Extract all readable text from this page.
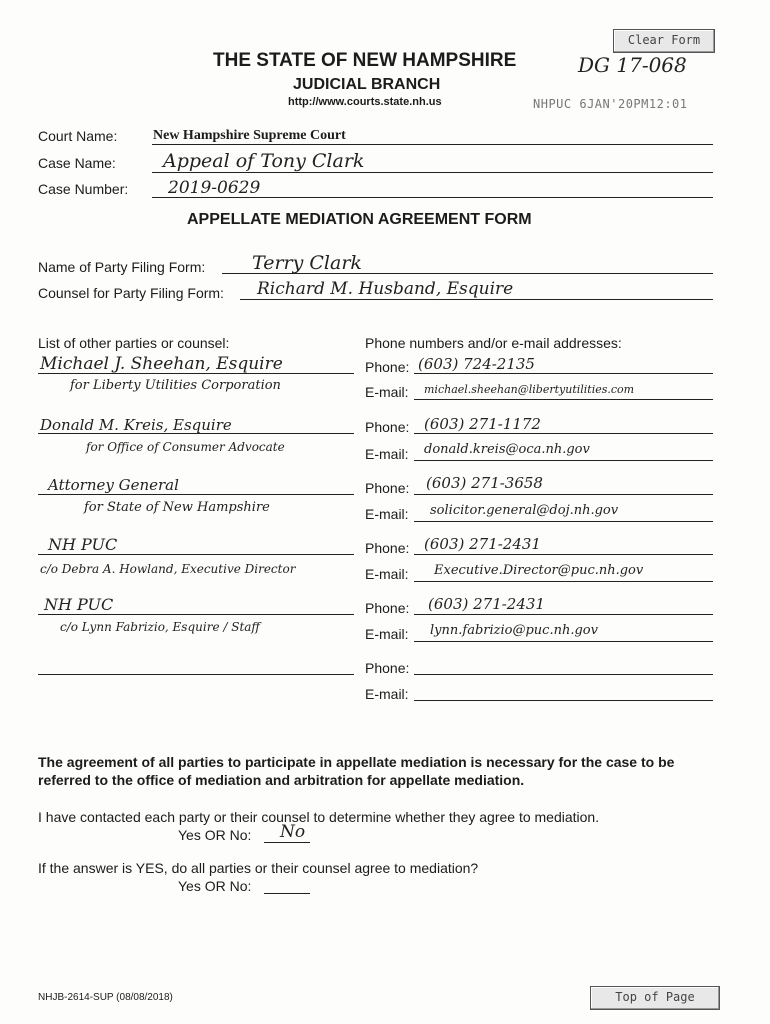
Clear Form
THE STATE OF NEW HAMPSHIRE	DG 17-068
JUDICIAL BRANCH
http://www.courts.state.nh.us	NHPUC 6JAN'20PM12:01
Court Name:	New Hampshire Supreme Court
Case Name: Appeal of Tony Clark
Case Number: 2019-0629
APPELLATE MEDIATION AGREEMENT FORM
Name of Party Filing Form: Terry Clark
Counsel for Party Filing Form: Richard M. Husband, Esquire
List of other parties or counsel:	Phone numbers and/or e-mail addresses:
Michael J. Sheehan, Esquire
for Liberty Utilities Corporation
Phone: (603) 724-2135
E-mail: michael.sheehan@libertyutilities.com
Donald M. Kreis, Esquire
for Office of Consumer Advocate
Phone: (603) 271-1172
E-mail: donald.kreis@oca.nh.gov
Attorney General
for State of New Hampshire
Phone: (603) 271-3658
E-mail: solicitor.general@doj.nh.gov
NH PUC
c/o Debra A. Howland, Executive Director
Phone: (603) 271-2431
E-mail: Executive.Director@puc.nh.gov
NH PUC
c/o Lynn Fabrizio, Esquire / Staff
Phone: (603) 271-2431
E-mail: lynn.fabrizio@puc.nh.gov
Phone:
E-mail:
The agreement of all parties to participate in appellate mediation is necessary for the case to be referred to the office of mediation and arbitration for appellate mediation.
I have contacted each party or their counsel to determine whether they agree to mediation.
Yes OR No: No
If the answer is YES, do all parties or their counsel agree to mediation?
Yes OR No:
NHJB-2614-SUP (08/08/2018)	Top of Page
